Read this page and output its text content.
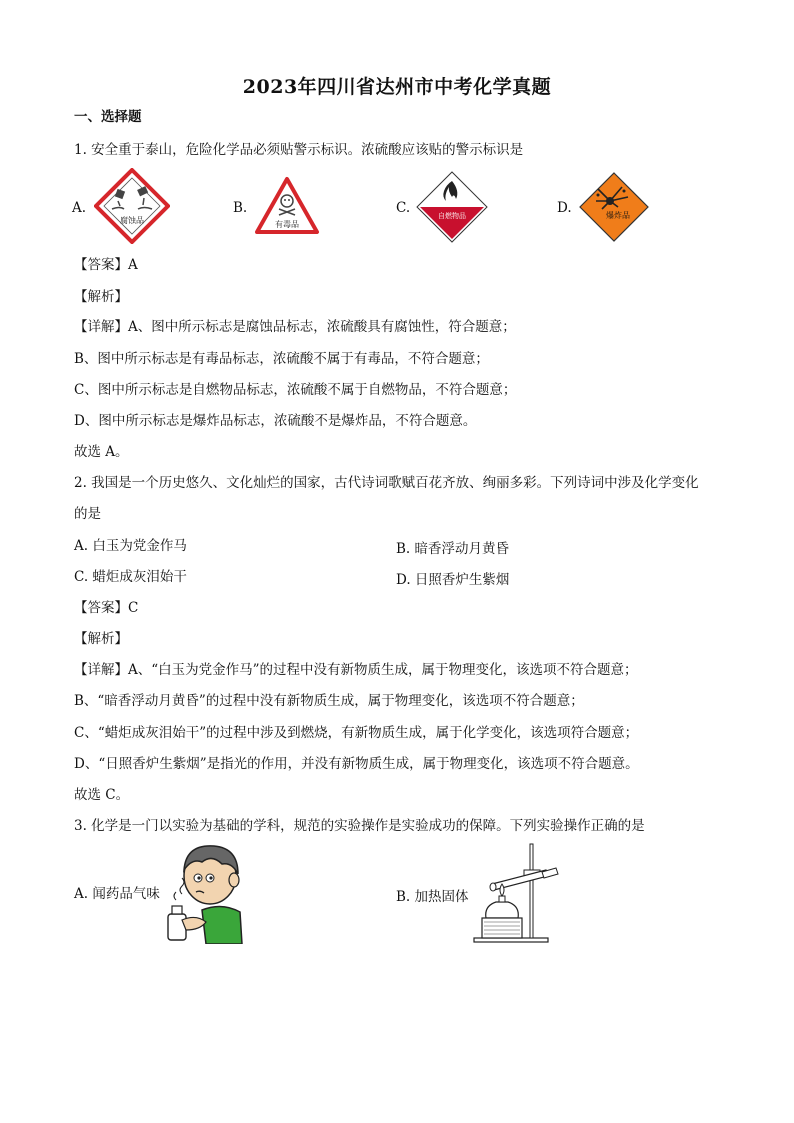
2023年四川省达州市中考化学真题
一、选择题
1. 安全重于泰山，危险化学品必须贴警示标识。浓硫酸应该贴的警示标识是
A.
腐蚀品
B.
有毒品
C.	自燃物品	D.	爆炸品
【答案】A
【解析】
【详解】A、图中所示标志是腐蚀品标志，浓硫酸具有腐蚀性，符合题意；
B、图中所示标志是有毒品标志，浓硫酸不属于有毒品，不符合题意；
C、图中所示标志是自燃物品标志，浓硫酸不属于自燃物品，不符合题意；
D、图中所示标志是爆炸品标志，浓硫酸不是爆炸品，不符合题意。
故选 A。
2. 我国是一个历史悠久、文化灿烂的国家，古代诗词歌赋百花齐放、绚丽多彩。下列诗词中涉及化学变化
的是
A. 白玉为党金作马	B. 暗香浮动月黄昏
C. 蜡炬成灰泪始干	D. 日照香炉生紫烟
【答案】C
【解析】
【详解】A、“白玉为党金作马”的过程中没有新物质生成，属于物理变化，该选项不符合题意；
B、“暗香浮动月黄昏”的过程中没有新物质生成，属于物理变化，该选项不符合题意；
C、“蜡炬成灰泪始干”的过程中涉及到燃烧，有新物质生成，属于化学变化，该选项符合题意；
D、“日照香炉生紫烟”是指光的作用，并没有新物质生成，属于物理变化，该选项不符合题意。
故选 C。
3. 化学是一门以实验为基础的学科，规范的实验操作是实验成功的保障。下列实验操作正确的是
A. 闻药品气味	B. 加热固体
